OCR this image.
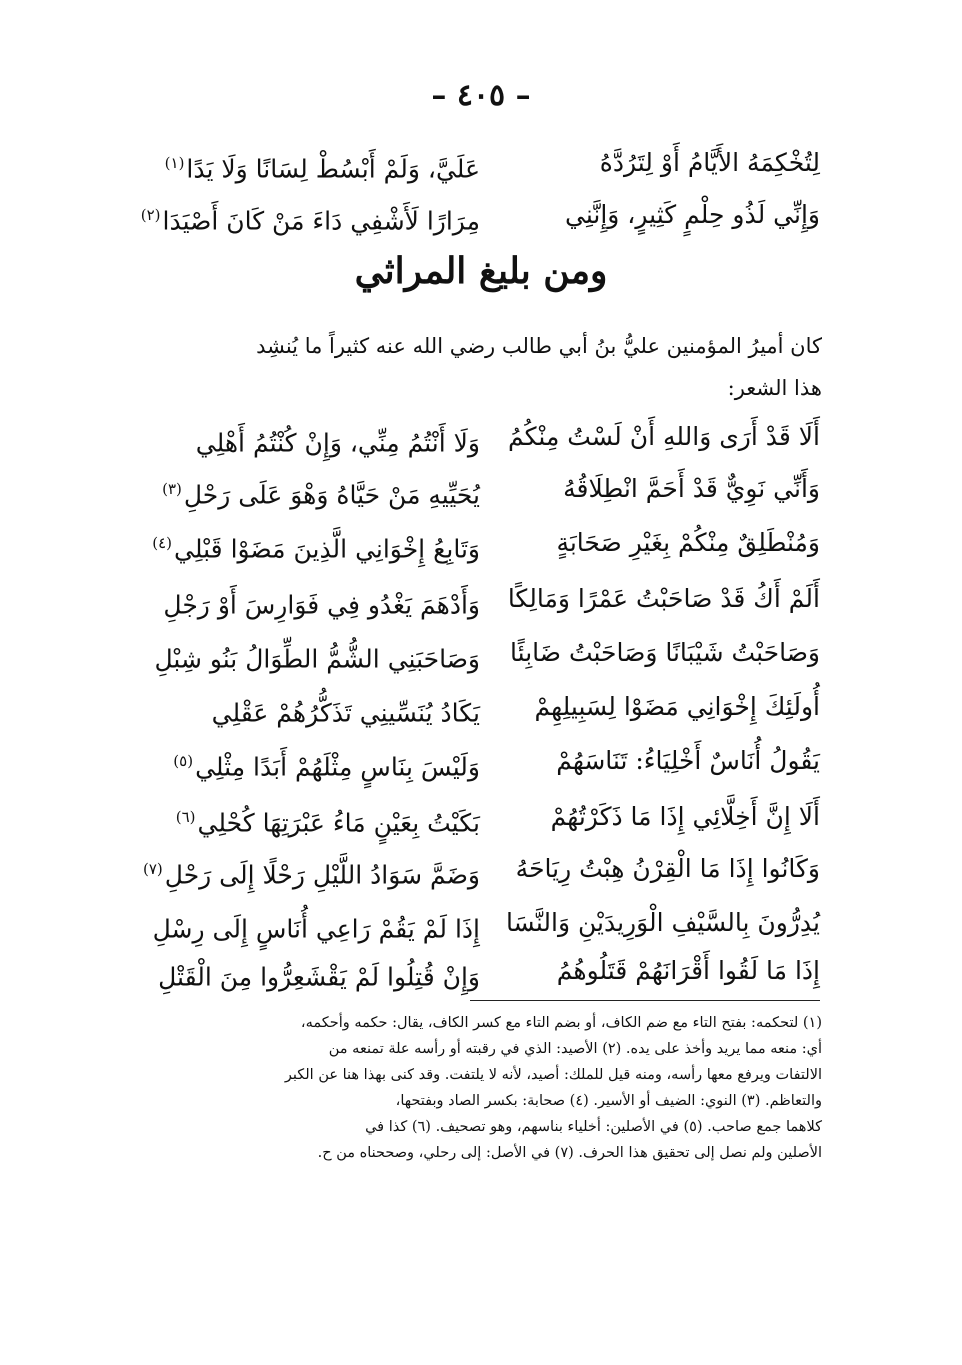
– ٤٠٥ –
لِتُخْكِمَهُ الأَيَّامُ أَوْ لِتَرُدَّهُ
عَلَيَّ، وَلَمْ أَبْسُطْ لِسَانًا وَلَا يَدًا$^{(١)}$
وَإِنِّي لَذُو حِلْمٍ كَثِيرٍ، وَإِنَّنِي
مِرَارًا لَأَشْفِي دَاءَ مَنْ كَانَ أَصْيَدَا$^{(٢)}$
ومن بليغ المراثي
كان أميرُ المؤمنين عليُّ بنُ أبي طالب رضي الله عنه كثيراً ما يُنشِد
هذا الشعر:
أَلَا قَدْ أَرَى وَاللهِ أَنْ لَسْتُ مِنْكُمُ
وَلَا أَنْتُمُ مِنِّي، وَإِنْ كُنْتُمُ أَهْلِي
وَأَنِّي نَوِيٌّ قَدْ أَحَمَّ انْطِلَاقُهُ
يُحَيِّيهِ مَنْ حَيَّاهُ وَهْوَ عَلَى رَحْلِ$^{(٣)}$
وَمُنْطَلِقٌ مِنْكُمْ بِغَيْرِ صَحَابَةٍ
وَتَابِعُ إِخْوَانِي الَّذِينَ مَضَوْا قَبْلِي$^{(٤)}$
أَلَمْ أَكُ قَدْ صَاحَبْتُ عَمْرًا وَمَالِكًا
وَأَدْهَمَ يَغْدُو فِي فَوَارِسَ أَوْ رَجْلِ
وَصَاحَبْتُ شَيْبَانًا وَصَاحَبْتُ ضَابِئًا
وَصَاحَبَنِي الشُّمُّ الطِّوَالُ بَنُو شِبْلِ
أُولَئِكَ إِخْوَانِي مَضَوْا لِسَبِيلِهِمْ
يَكَادُ يُنَسِّينِي تَذَكُّرُهُمْ عَقْلِي
يَقُولُ أُنَاسٌ أَخْلِيَاءُ: تَنَاسَهُمْ
وَلَيْسَ بِنَاسٍ مِثْلَهُمْ أَبَدًا مِثْلِي$^{(٥)}$
أَلَا إِنَّ أَخِلَّائِي إِذَا مَا ذَكَرْتُهُمْ
بَكَيْتُ بِعَيْنٍ مَاءُ عَبْرَتِهَا كُحْلِي$^{(٦)}$
وَكَانُوا إِذَا مَا الْقِرْنُ هِبْتُ رِيَاحَهُ
وَضَمَّ سَوَادُ اللَّيْلِ رَحْلًا إِلَى رَحْلِ$^{(٧)}$
يُدِرُّونَ بِالسَّيْفِ الْوَرِيدَيْنِ وَالنَّسَا
إِذَا لَمْ يَقُمْ رَاعِي أُنَاسٍ إِلَى رِسْلِ
إِذَا مَا لَقُوا أَقْرَانَهُمْ قَتَلُوهُمُ
وَإِنْ قُتِلُوا لَمْ يَقْشَعِرُّوا مِنَ الْقَتْلِ
(١) لتحكمه: بفتح التاء مع ضم الكاف، أو بضم التاء مع كسر الكاف، يقال: حكمه وأحكمه،
أي: منعه مما يريد وأخذ على يده. (٢) الأصيد: الذي في رقبته أو رأسه علة تمنعه من
الالتفات ويرفع معها رأسه، ومنه قيل للملك: أصيد، لأنه لا يلتفت. وقد كنى بهذا هنا عن الكبر
والتعاظم. (٣) النوي: الضيف أو الأسير. (٤) صحابة: بكسر الصاد وبفتحها،
كلاهما جمع صاحب. (٥) في الأصلين: أخلياء بناسهم، وهو تصحيف. (٦) كذا في
الأصلين ولم نصل إلى تحقيق هذا الحرف. (٧) في الأصل: إلى رحلي، وصححناه من ح.
